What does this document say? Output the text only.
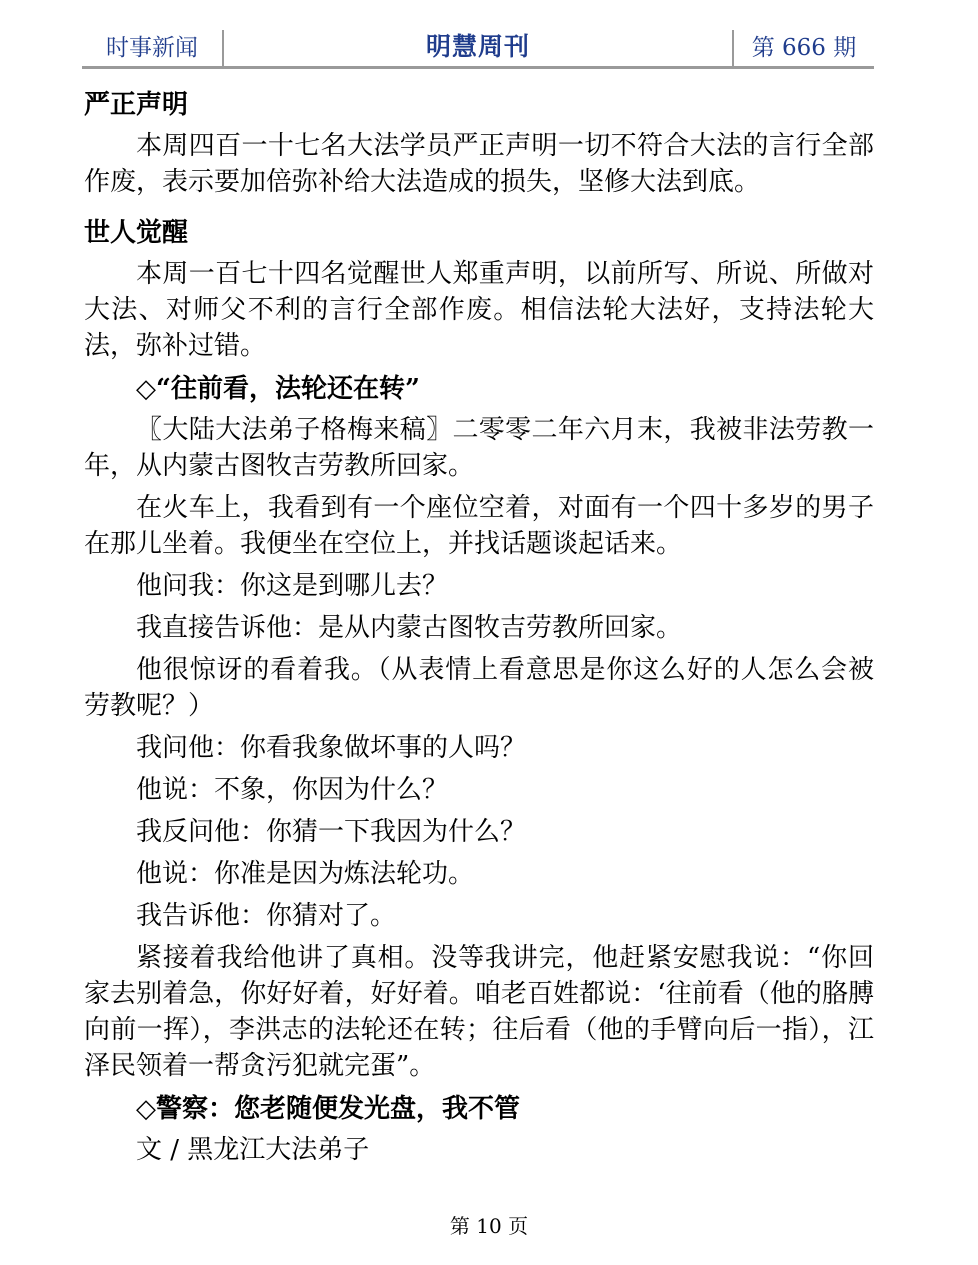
时事新闻	明慧周刊	第 666 期
严正声明
本周四百一十七名大法学员严正声明一切不符合大法的言行全部作废，表示要加倍弥补给大法造成的损失，坚修大法到底。
世人觉醒
本周一百七十四名觉醒世人郑重声明，以前所写、所说、所做对大法、对师父不利的言行全部作废。相信法轮大法好，支持法轮大法，弥补过错。
◇“往前看，法轮还在转”
〖大陆大法弟子格梅来稿〗二零零二年六月末，我被非法劳教一年，从内蒙古图牧吉劳教所回家。
在火车上，我看到有一个座位空着，对面有一个四十多岁的男子在那儿坐着。我便坐在空位上，并找话题谈起话来。
他问我：你这是到哪儿去？
我直接告诉他：是从内蒙古图牧吉劳教所回家。
他很惊讶的看着我。（从表情上看意思是你这么好的人怎么会被劳教呢？）
我问他：你看我象做坏事的人吗？
他说：不象，你因为什么？
我反问他：你猜一下我因为什么？
他说：你准是因为炼法轮功。
我告诉他：你猜对了。
紧接着我给他讲了真相。没等我讲完，他赶紧安慰我说：“你回家去别着急，你好好着，好好着。咱老百姓都说：‘往前看（他的胳膊向前一挥），李洪志的法轮还在转；往后看（他的手臂向后一指），江泽民领着一帮贪污犯就完蛋”。
◇警察：您老随便发光盘，我不管
文 / 黑龙江大法弟子
第 10 页
